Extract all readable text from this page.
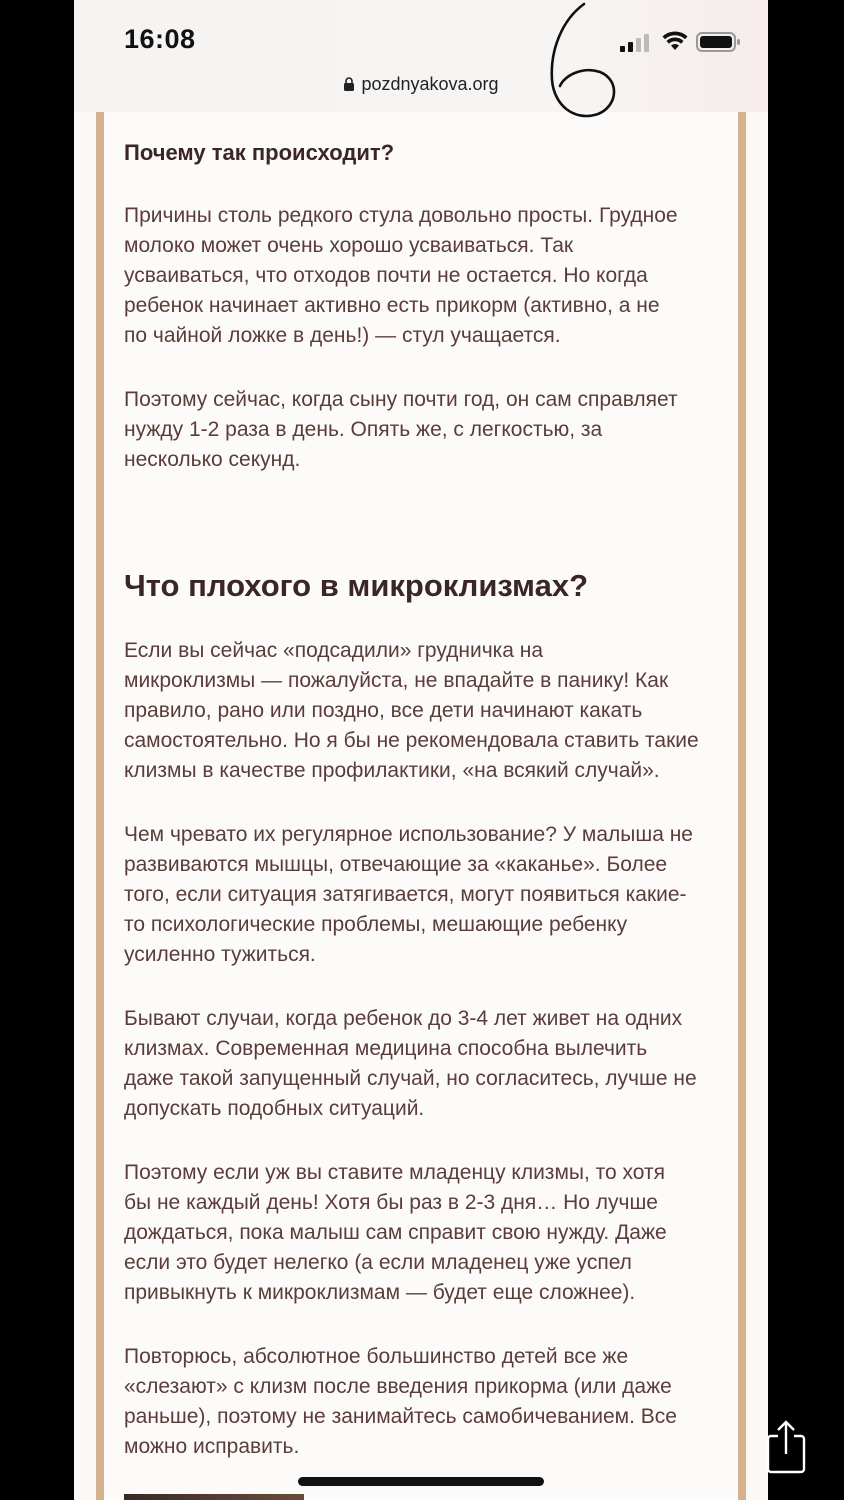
16:08
pozdnyakova.org
Почему так происходит?
Причины столь редкого стула довольно просты. Грудное
молоко может очень хорошо усваиваться. Так
усваиваться, что отходов почти не остается. Но когда
ребенок начинает активно есть прикорм (активно, а не
по чайной ложке в день!) — стул учащается.
Поэтому сейчас, когда сыну почти год, он сам справляет
нужду 1-2 раза в день. Опять же, с легкостью, за
несколько секунд.
Что плохого в микроклизмах?
Если вы сейчас «подсадили» грудничка на
микроклизмы — пожалуйста, не впадайте в панику! Как
правило, рано или поздно, все дети начинают какать
самостоятельно. Но я бы не рекомендовала ставить такие
клизмы в качестве профилактики, «на всякий случай».
Чем чревато их регулярное использование? У малыша не
развиваются мышцы, отвечающие за «каканье». Более
того, если ситуация затягивается, могут появиться какие-
то психологические проблемы, мешающие ребенку
усиленно тужиться.
Бывают случаи, когда ребенок до 3-4 лет живет на одних
клизмах. Современная медицина способна вылечить
даже такой запущенный случай, но согласитесь, лучше не
допускать подобных ситуаций.
Поэтому если уж вы ставите младенцу клизмы, то хотя
бы не каждый день! Хотя бы раз в 2-3 дня… Но лучше
дождаться, пока малыш сам справит свою нужду. Даже
если это будет нелегко (а если младенец уже успел
привыкнуть к микроклизмам — будет еще сложнее).
Повторюсь, абсолютное большинство детей все же
«слезают» с клизм после введения прикорма (или даже
раньше), поэтому не занимайтесь самобичеванием. Все
можно исправить.
